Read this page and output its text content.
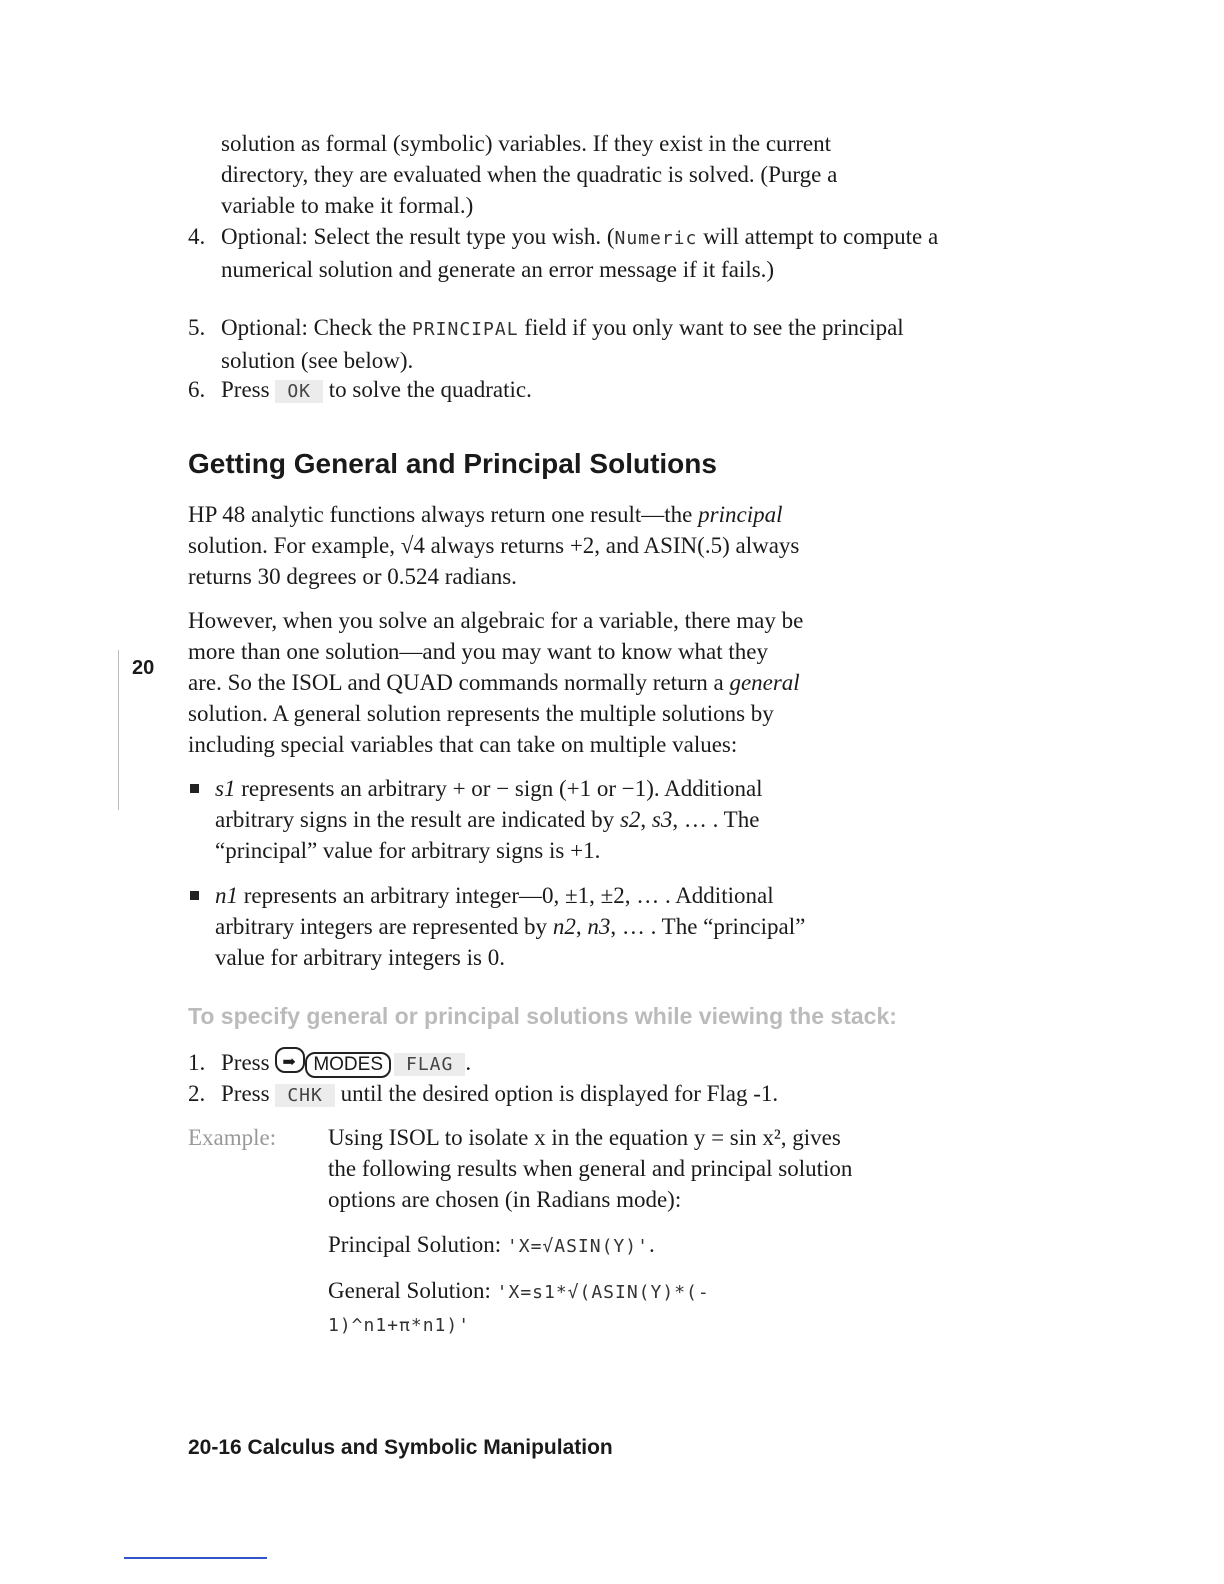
solution as formal (symbolic) variables. If they exist in the current
directory, they are evaluated when the quadratic is solved. (Purge a
variable to make it formal.)
4. Optional: Select the result type you wish. (Numeric will attempt to compute a numerical solution and generate an error message if it fails.)
5. Optional: Check the PRINCIPAL field if you only want to see the principal solution (see below).
6. Press OK to solve the quadratic.
Getting General and Principal Solutions
HP 48 analytic functions always return one result—the principal
solution. For example, √4 always returns +2, and ASIN(.5) always
returns 30 degrees or 0.524 radians.
However, when you solve an algebraic for a variable, there may be
more than one solution—and you may want to know what they
are. So the ISOL and QUAD commands normally return a general
solution. A general solution represents the multiple solutions by
including special variables that can take on multiple values:
20
s1 represents an arbitrary + or − sign (+1 or −1). Additional
arbitrary signs in the result are indicated by s2, s3, … . The
“principal” value for arbitrary signs is +1.
n1 represents an arbitrary integer—0, ±1, ±2, … . Additional
arbitrary integers are represented by n2, n3, … . The “principal”
value for arbitrary integers is 0.
To specify general or principal solutions while viewing the stack:
1. Press ➡MODES FLAG .
2. Press CHK until the desired option is displayed for Flag -1.
Example: Using ISOL to isolate x in the equation y = sin x², gives
the following results when general and principal solution
options are chosen (in Radians mode):
Principal Solution: 'X=√ASIN(Y)'.
General Solution: 'X=s1*√(ASIN(Y)*(-
1)^n1+π*n1)'
20-16 Calculus and Symbolic Manipulation
